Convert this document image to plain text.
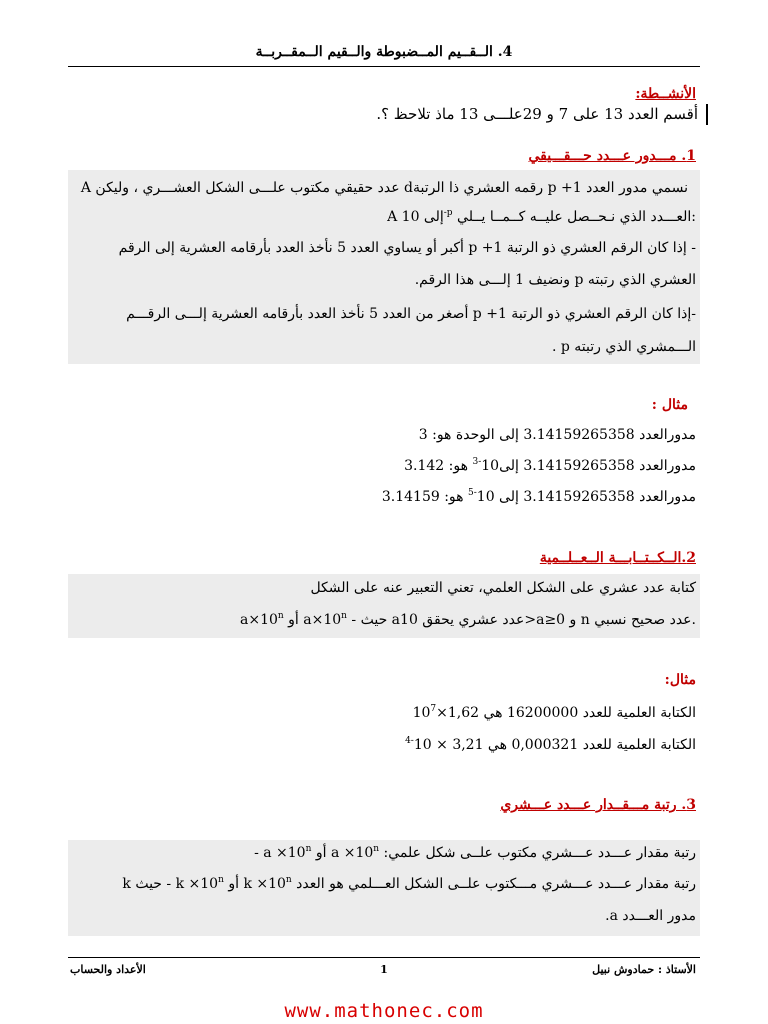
4. الــقــيم المــضبوطة والــقيم الــمقــربــة
الأنشــطة:
أقسم العدد 13 على 7 و 29علـــى 13 ماذ تلاحظ ؟.
1. مـــدور عـــدد حـــقـــيقي
A عدد حقيقي مكتوب علـــى الشكل العشـــري ، وليكن dرقمه العشري ذا الرتبة p +1 نسمي مدور العدد
A إلى $10^{-p}$ العـــدد الذي نـحــصل عليــه كــمــا يــلي:
- إذا كان الرقم العشري ذو الرتبة p +1 أكبر أو يساوي العدد 5 نأخذ العدد بأرقامه العشرية إلى الرقم
العشري الذي رتبته p ونضيف 1 إلـــى هذا الرقم.
-إذا كان الرقم العشري ذو الرتبة p +1 أصغر من العدد 5 نأخذ العدد بأرقامه العشرية إلـــى الرقـــم
الـــمشري الذي رتبته p .
مثال :
مدورالعدد 3.14159265358 إلى الوحدة هو: 3
مدورالعدد 3.14159265358 $إلى10^{-3}$ هو: 3.142
مدورالعدد 3.14159265358 إلى $10^{-5}$ هو: 3.14159
2.الــكــتــابـــة الــعــلــمية
كتابة عدد عشري على الشكل العلمي، تعني التعبير عنه على الشكل
$a\times 10^n$ أو $a\times 10^n$ - حيث aعدد عشري يحقق 10>a≥0 و n عدد صحيح نسبي.
مثال:
الكتابة العلمية للعدد 16200000 هي $1,62\times 10^7$
الكتابة العلمية للعدد 0,000321 هي $3,21 \times 10^{-4}$
3. رتبة مـــقــدار عـــدد عـــشري
رتبة مقدار عـــدد عـــشري مكتوب علــى شكل علمي: $a \times 10^n$ أو $a \times 10^n$ -
رتبة مقدار عـــدد عـــشري مـــكتوب علــى الشكل العـــلمي هو العدد $k \times 10^n$ أو $k \times 10^n$ - حيث k
مدور العـــدد a.
الأستاذ : حمادوش نبيل
1
الأعداد والحساب
www.mathonec.com
